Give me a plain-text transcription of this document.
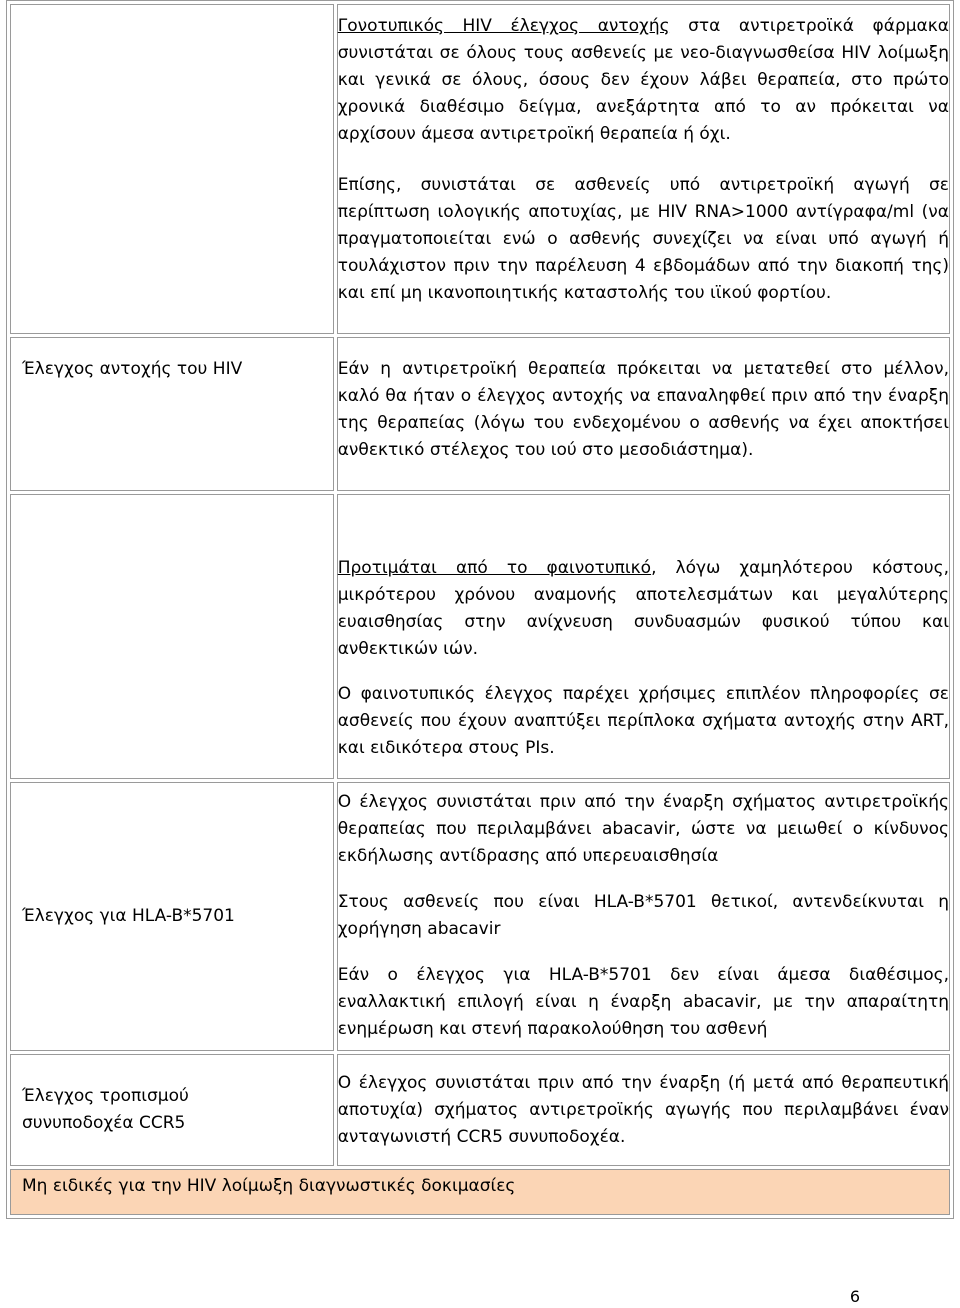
	Γονοτυπικός HIV έλεγχος αντοχής στα αντιρετροϊκά φάρμακα συνιστάται σε όλους τους ασθενείς με νεο-διαγνωσθείσα HIV λοίμωξη και γενικά σε όλους, όσους δεν έχουν λάβει θεραπεία, στο πρώτο χρονικά διαθέσιμο δείγμα, ανεξάρτητα από το αν πρόκειται να αρχίσουν άμεσα αντιρετροϊκή θεραπεία ή όχι.

Επίσης, συνιστάται σε ασθενείς υπό αντιρετροϊκή αγωγή σε περίπτωση ιολογικής αποτυχίας, με HIV RNA>1000 αντίγραφα/ml (να πραγματοποιείται ενώ ο ασθενής συνεχίζει να είναι υπό αγωγή ή τουλάχιστον πριν την παρέλευση 4 εβδομάδων από την διακοπή της) και επί μη ικανοποιητικής καταστολής του ιϊκού φορτίου.

Έλεγχος αντοχής του HIV	Εάν η αντιρετροϊκή θεραπεία πρόκειται να μετατεθεί στο μέλλον, καλό θα ήταν ο έλεγχος αντοχής να επαναληφθεί πριν από την έναρξη της θεραπείας (λόγω του ενδεχομένου ο ασθενής να έχει αποκτήσει ανθεκτικό στέλεχος του ιού στο μεσοδιάστημα).

	Προτιμάται από το φαινοτυπικό, λόγω χαμηλότερου κόστους, μικρότερου χρόνου αναμονής αποτελεσμάτων και μεγαλύτερης ευαισθησίας στην ανίχνευση συνδυασμών φυσικού τύπου και ανθεκτικών ιών.

Ο φαινοτυπικός έλεγχος παρέχει χρήσιμες επιπλέον πληροφορίες σε ασθενείς που έχουν αναπτύξει περίπλοκα σχήματα αντοχής στην ART, και ειδικότερα στους PIs.

Έλεγχος για HLA-B*5701	Ο έλεγχος συνιστάται πριν από την έναρξη σχήματος αντιρετροϊκής θεραπείας που περιλαμβάνει abacavir, ώστε να μειωθεί ο κίνδυνος εκδήλωσης αντίδρασης από υπερευαισθησία

Στους ασθενείς που είναι HLA-B*5701 θετικοί, αντενδείκνυται η χορήγηση abacavir

Εάν ο έλεγχος για HLA-B*5701 δεν είναι άμεσα διαθέσιμος, εναλλακτική επιλογή είναι η έναρξη abacavir, με την απαραίτητη ενημέρωση και στενή παρακολούθηση του ασθενή

Έλεγχος τροπισμού συνυποδοχέα CCR5	Ο έλεγχος συνιστάται πριν από την έναρξη (ή μετά από θεραπευτική αποτυχία) σχήματος αντιρετροϊκής αγωγής που περιλαμβάνει έναν ανταγωνιστή CCR5 συνυποδοχέα.

Μη ειδικές για την HIV λοίμωξη διαγνωστικές δοκιμασίες	
6
